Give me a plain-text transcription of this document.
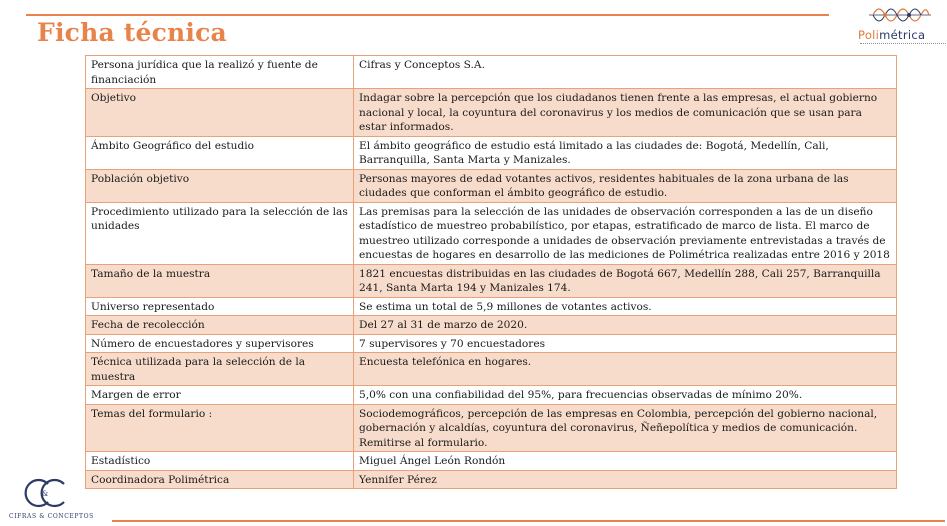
Ficha técnica	Polimétrica
Persona jurídica que la realizó y fuente de financiación	Cifras y Conceptos S.A.
Objetivo	Indagar sobre la percepción que los ciudadanos tienen frente a las empresas, el actual gobierno nacional y local, la coyuntura del coronavirus y los medios de comunicación que se usan para estar informados.
Ámbito Geográfico del estudio	El ámbito geográfico de estudio está limitado a las ciudades de: Bogotá, Medellín, Cali, Barranquilla, Santa Marta y Manizales.
Población objetivo	Personas mayores de edad votantes activos, residentes habituales de la zona urbana de las ciudades que conforman el ámbito geográfico de estudio.
Procedimiento utilizado para la selección de las unidades	Las premisas para la selección de las unidades de observación corresponden a las de un diseño estadístico de muestreo probabilístico, por etapas, estratificado de marco de lista. El marco de muestreo utilizado corresponde a unidades de observación previamente entrevistadas a través de encuestas de hogares en desarrollo de las mediciones de Polimétrica realizadas entre 2016 y 2018
Tamaño de la muestra	1821 encuestas distribuidas en las ciudades de Bogotá 667, Medellín 288, Cali 257, Barranquilla 241, Santa Marta 194 y Manizales 174.
Universo representado	Se estima un total de 5,9 millones de votantes activos.
Fecha de recolección	Del 27 al 31 de marzo de 2020.
Número de encuestadores y supervisores	7 supervisores y 70 encuestadores
Técnica utilizada para la selección de la muestra	Encuesta telefónica en hogares.
Margen de error	5,0% con una confiabilidad del 95%, para frecuencias observadas de mínimo 20%.
Temas del formulario :	Sociodemográficos, percepción de las empresas en Colombia, percepción del gobierno nacional, gobernación y alcaldías, coyuntura del coronavirus, Ñeñepolítica y medios de comunicación. Remitirse al formulario.
Estadístico	Miguel Ángel León Rondón
Coordinadora Polimétrica	Yennifer Pérez
&
CIFRAS & CONCEPTOS
